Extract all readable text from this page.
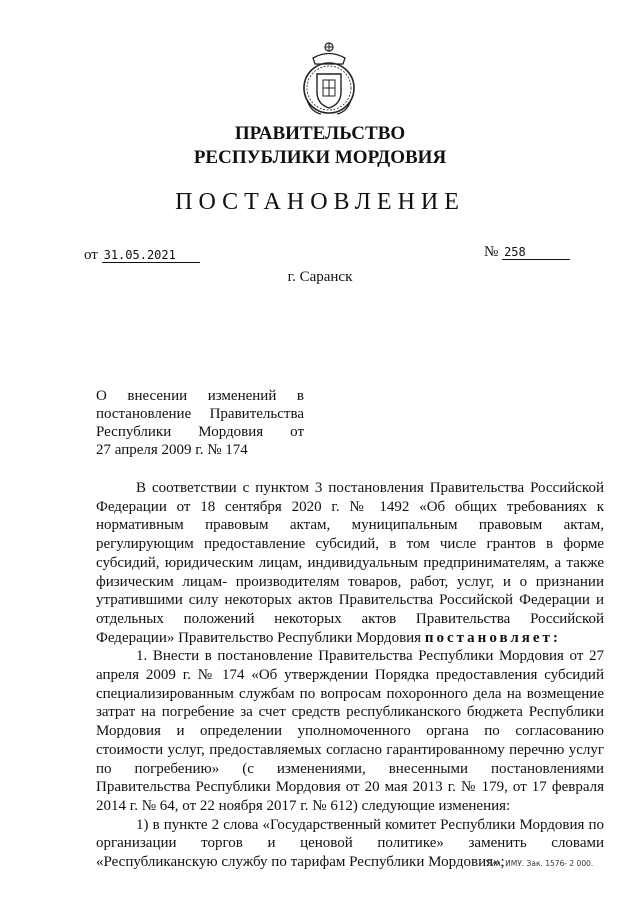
ПРАВИТЕЛЬСТВО
РЕСПУБЛИКИ МОРДОВИЯ
ПОСТАНОВЛЕНИЕ
от 31.05.2021	№ 258
г. Саранск
О внесении изменений в
постановление Правительства
Республики Мордовия от
27 апреля 2009 г. № 174

В соответствии с пунктом 3 постановления Правительства Российской Федерации от 18 сентября 2020 г. № 1492 «Об общих требованиях к нормативным правовым актам, муниципальным правовым актам, регулирующим предоставление субсидий, в том числе грантов в форме субсидий, юридическим лицам, индивидуальным предпринимателям, а также физическим лицам- производителям товаров, работ, услуг, и о признании утратившими силу некоторых актов Правительства Российской Федерации и отдельных положений некоторых актов Правительства Российской Федерации» Правительство Республики Мордовия постановляет:

1. Внести в постановление Правительства Республики Мордовия от 27 апреля 2009 г. № 174 «Об утверждении Порядка предоставления субсидий специализированным службам по вопросам похоронного дела на возмещение затрат на погребение за счет средств республиканского бюджета Республики Мордовия и определении уполномоченного органа по согласованию стоимости услуг, предоставляемых согласно гарантированному перечню услуг по погребению» (с изменениями, внесенными постановлениями Правительства Республики Мордовия от 20 мая 2013 г. № 179, от 17 февраля 2014 г. № 64, от 22 ноября 2017 г. № 612) следующие изменения:

1) в пункте 2 слова «Государственный комитет Республики Мордовия по организации торгов и ценовой политике» заменить словами «Республиканскую службу по тарифам Республики Мордовия»;

Тип. ИМУ. Зак. 1576- 2 000.
